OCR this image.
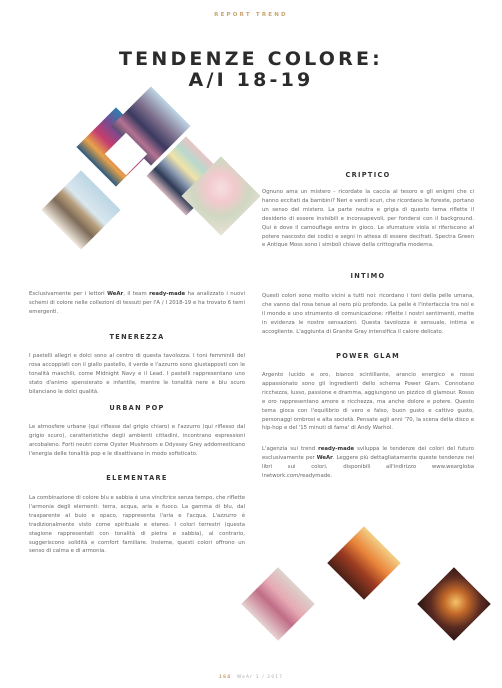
REPORT TREND
TENDENZE COLORE:
A/I 18-19

Esclusivamente per i lettori WeAr, il team ready-made ha analizzato i nuovi schemi di colore nelle collezioni di tessuti per l'A / I 2018-19 e ha trovato 6 temi emergenti.

TENEREZZA

I pastelli allegri e dolci sono al centro di questa tavolozza. I toni femminili del rosa accoppiati con il giallo pastello, il verde e l'azzurro sono giustapposti con le tonalità maschili, come Midnight Navy e il Lead. I pastelli rappresentano uno stato d'animo spensierato e infantile, mentre le tonalità nere e blu scuro bilanciano le dolci qualità.

URBAN POP

Le atmosfere urbane (qui riflesse dal grigio chiaro) e l'azzurro (qui riflesso dal grigio scuro), caratteristiche degli ambienti cittadini, incontrano espressioni arcobaleno. Forti neutri come Oyster Mushroom e Odyssey Grey addomesticano l'energia delle tonalità pop e le disattivano in modo sofisticato.

ELEMENTARE

La combinazione di colore blu e sabbia è una vincitrice senza tempo, che riflette l'armonia degli elementi: terra, acqua, aria e fuoco. La gamma di blu, dal trasparente al buio e opaco, rappresenta l'aria e l'acqua. L'azzurro è tradizionalmente visto come spirituale e etereo. I colori terrestri (questa stagione rappresentati con tonalità di pietra e sabbia), al contrario, suggeriscono solidità e comfort familiare. Insieme, questi colori offrono un senso di calma e di armonia.

CRIPTICO

Ognuno ama un mistero - ricordate la caccia al tesoro e gli enigmi che ci hanno eccitati da bambini? Neri e verdi scuri, che ricordano le foreste, portano un senso del mistero. La parte neutra e grigia di questo tema riflette il desiderio di essere invisibili e inconsapevoli, per fondersi con il background. Qui è dove il camouflage entra in gioco. Le sfumature viola si riferiscono al potere nascosto dei codici e segni in attesa di essere decifrati. Spectra Green e Antique Moss sono i simboli chiave della crittografia moderna.

INTIMO

Questi colori sono molto vicini a tutti noi: ricordano i toni della pelle umana, che vanno dal rosa tenue al nero più profondo. La pelle è l'interfaccia tra noi e il mondo e uno strumento di comunicazione: riflette i nostri sentimenti, mette in evidenza le nostre sensazioni. Questa tavolozza è sensuale, intima e accogliente. L'aggiunta di Granite Gray intensifica il calore delicato.

POWER GLAM

Argento lucido e oro, bianco scintillante, arancio energico e rosso appassionato sono gli ingredienti dello schema Power Glam. Connotano ricchezza, lusso, passione e dramma, aggiungono un pizzico di glamour. Rosso e oro rappresentano amore e ricchezza, ma anche dolore e potere. Questo tema gioca con l'equilibrio di vero e falso, buon gusto e cattivo gusto, personaggi ombrosi e alta società. Pensate agli anni '70, la scena della disco e hip-hop e del '15 minuti di fama' di Andy Warhol.

L'agenzia sui trend ready-made sviluppa le tendenze dei colori del futuro esclusivamente per WeAr. Leggere più dettagliatamente queste tendenze nei libri sui colori, disponibili all'indirizzo www.weargloba lnetwork.com/readymade.

164 WeAr 1 / 2017
